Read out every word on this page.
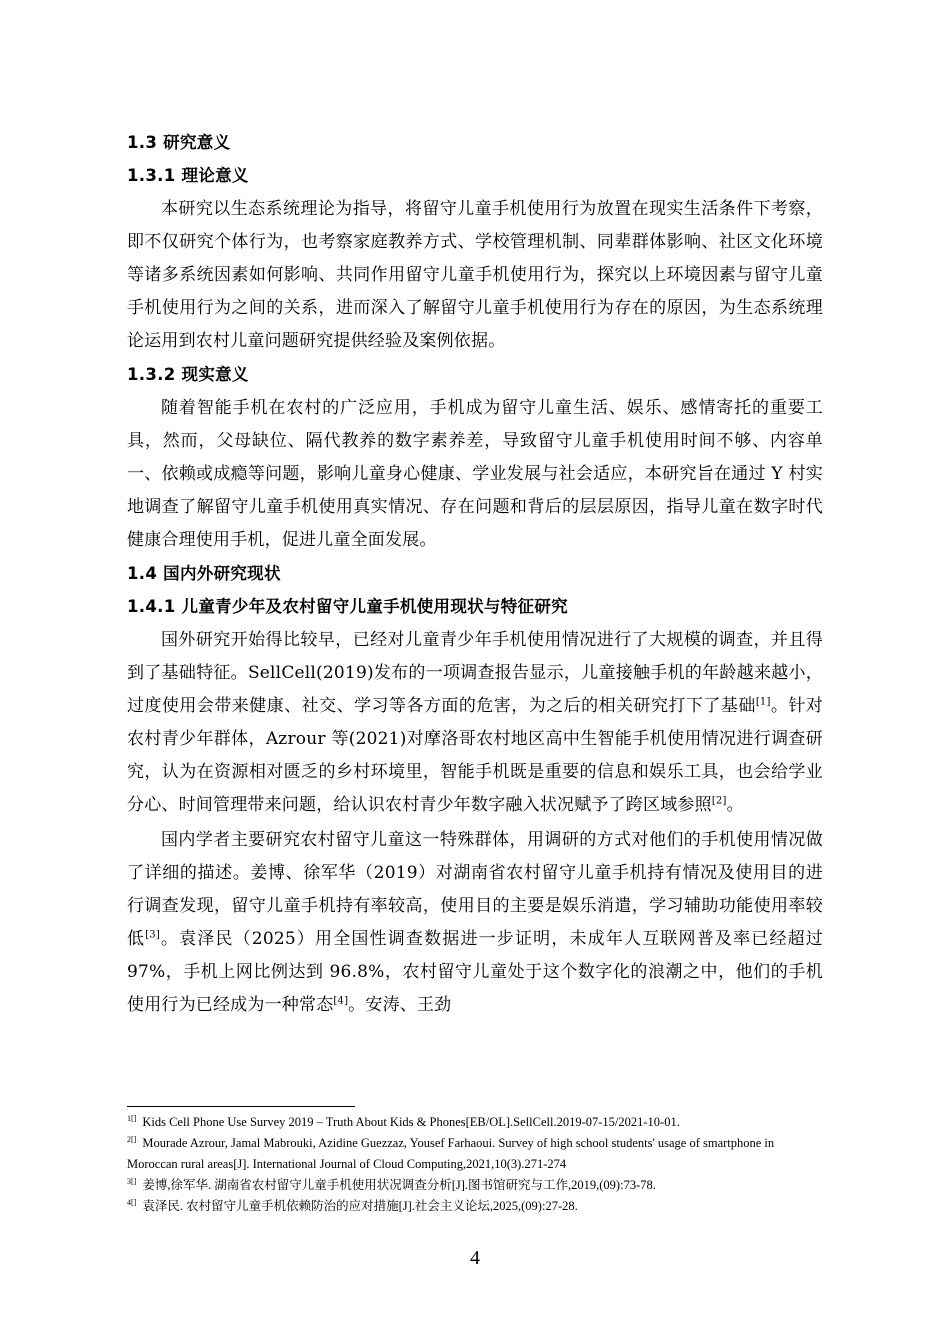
1.3 研究意义
1.3.1 理论意义

本研究以生态系统理论为指导，将留守儿童手机使用行为放置在现实生活条件下考察，即不仅研究个体行为，也考察家庭教养方式、学校管理机制、同辈群体影响、社区文化环境等诸多系统因素如何影响、共同作用留守儿童手机使用行为，探究以上环境因素与留守儿童手机使用行为之间的关系，进而深入了解留守儿童手机使用行为存在的原因，为生态系统理论运用到农村儿童问题研究提供经验及案例依据。

1.3.2 现实意义

随着智能手机在农村的广泛应用，手机成为留守儿童生活、娱乐、感情寄托的重要工具，然而，父母缺位、隔代教养的数字素养差，导致留守儿童手机使用时间不够、内容单一、依赖或成瘾等问题，影响儿童身心健康、学业发展与社会适应，本研究旨在通过 Y 村实地调查了解留守儿童手机使用真实情况、存在问题和背后的层层原因，指导儿童在数字时代健康合理使用手机，促进儿童全面发展。

1.4 国内外研究现状
1.4.1 儿童青少年及农村留守儿童手机使用现状与特征研究

国外研究开始得比较早，已经对儿童青少年手机使用情况进行了大规模的调查，并且得到了基础特征。SellCell(2019)发布的一项调查报告显示，儿童接触手机的年龄越来越小，过度使用会带来健康、社交、学习等各方面的危害，为之后的相关研究打下了基础[1]。针对农村青少年群体，Azrour 等(2021)对摩洛哥农村地区高中生智能手机使用情况进行调查研究，认为在资源相对匮乏的乡村环境里，智能手机既是重要的信息和娱乐工具，也会给学业分心、时间管理带来问题，给认识农村青少年数字融入状况赋予了跨区域参照[2]。

国内学者主要研究农村留守儿童这一特殊群体，用调研的方式对他们的手机使用情况做了详细的描述。姜博、徐军华（2019）对湖南省农村留守儿童手机持有情况及使用目的进行调查发现，留守儿童手机持有率较高，使用目的主要是娱乐消遣，学习辅助功能使用率较低[3]。袁泽民（2025）用全国性调查数据进一步证明，未成年人互联网普及率已经超过 97%，手机上网比例达到 96.8%，农村留守儿童处于这个数字化的浪潮之中，他们的手机使用行为已经成为一种常态[4]。安涛、王劲

$^{1[]}$ Kids Cell Phone Use Survey 2019 – Truth About Kids & Phones[EB/OL].SellCell.2019-07-15/2021-10-01.

$^{2[]}$ Mourade Azrour, Jamal Mabrouki, Azidine Guezzaz, Yousef Farhaoui. Survey of high school students' usage of smartphone in Moroccan rural areas[J]. International Journal of Cloud Computing,2021,10(3).271-274

$^{3[]}$ 姜博,徐军华. 湖南省农村留守儿童手机使用状况调查分析[J].图书馆研究与工作,2019,(09):73-78.

$^{4[]}$ 袁泽民. 农村留守儿童手机依赖防治的应对措施[J].社会主义论坛,2025,(09):27-28.

4
